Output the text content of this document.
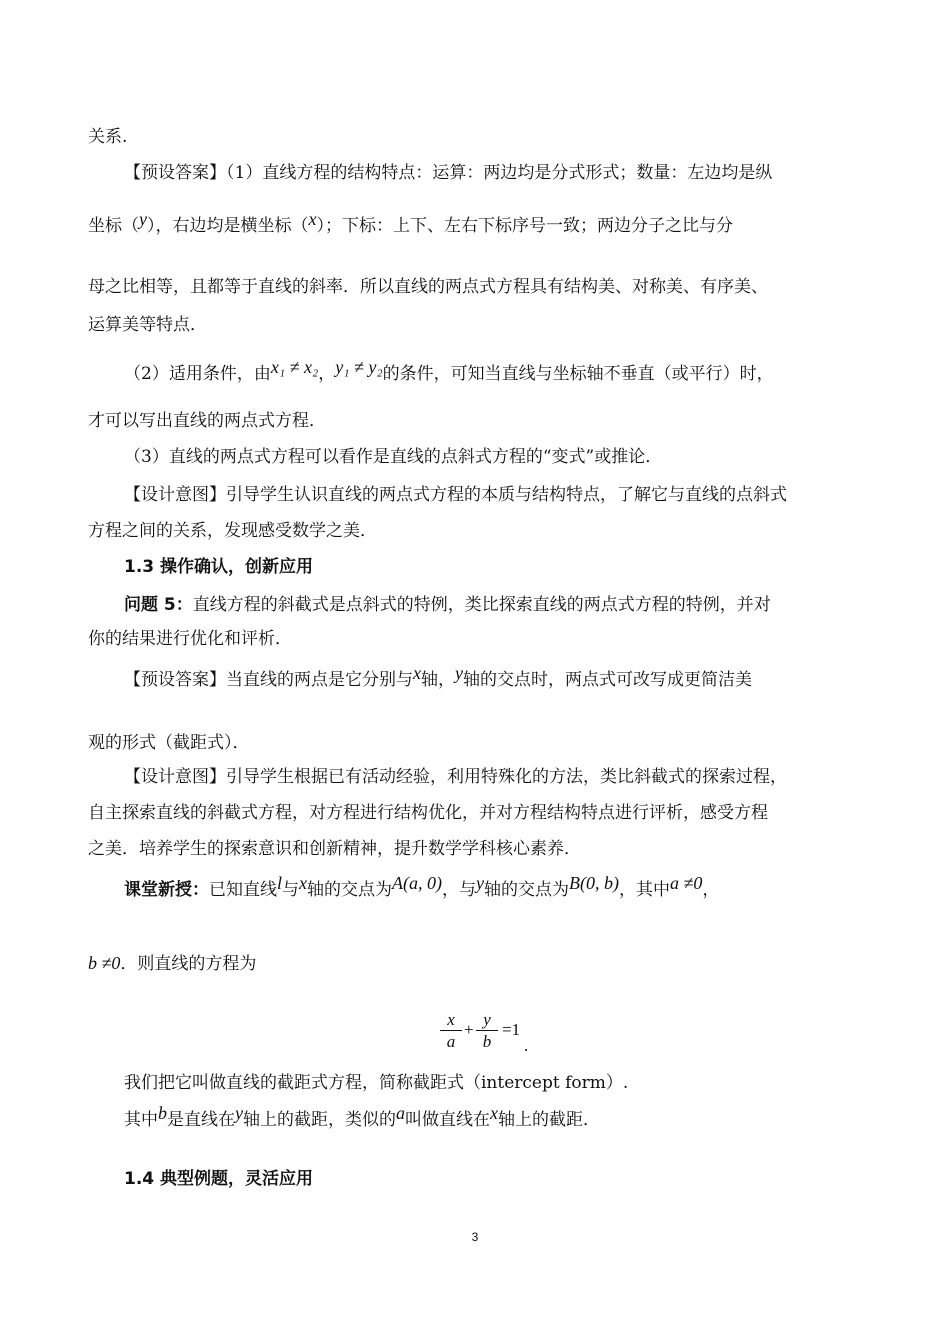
关系.
【预设答案】（1）直线方程的结构特点：运算：两边均是分式形式；数量：左边均是纵
坐标（y），右边均是横坐标（x）；下标：上下、左右下标序号一致；两边分子之比与分
母之比相等，且都等于直线的斜率．所以直线的两点式方程具有结构美、对称美、有序美、
运算美等特点．
（2）适用条件，由x₁ ≠ x₂，y₁ ≠ y₂的条件，可知当直线与坐标轴不垂直（或平行）时，
才可以写出直线的两点式方程．
（3）直线的两点式方程可以看作是直线的点斜式方程的“变式”或推论．
【设计意图】引导学生认识直线的两点式方程的本质与结构特点，了解它与直线的点斜式
方程之间的关系，发现感受数学之美．
1.3 操作确认，创新应用
问题 5：直线方程的斜截式是点斜式的特例，类比探索直线的两点式方程的特例，并对
你的结果进行优化和评析．
【预设答案】当直线的两点是它分别与x轴，y轴的交点时，两点式可改写成更简洁美
观的形式（截距式）．
【设计意图】引导学生根据已有活动经验，利用特殊化的方法，类比斜截式的探索过程，
自主探索直线的斜截式方程，对方程进行结构优化，并对方程结构特点进行评析，感受方程
之美．培养学生的探索意识和创新精神，提升数学学科核心素养．
课堂新授：已知直线l与x轴的交点为A(a, 0)，与y轴的交点为B(0, b)，其中a ≠0，
b ≠0．则直线的方程为
$\frac{x}{a} + \frac{y}{b} =1$
.
我们把它叫做直线的截距式方程，简称截距式（intercept form）.
其中b是直线在y轴上的截距，类似的a叫做直线在x轴上的截距．
1.4 典型例题，灵活应用
3
